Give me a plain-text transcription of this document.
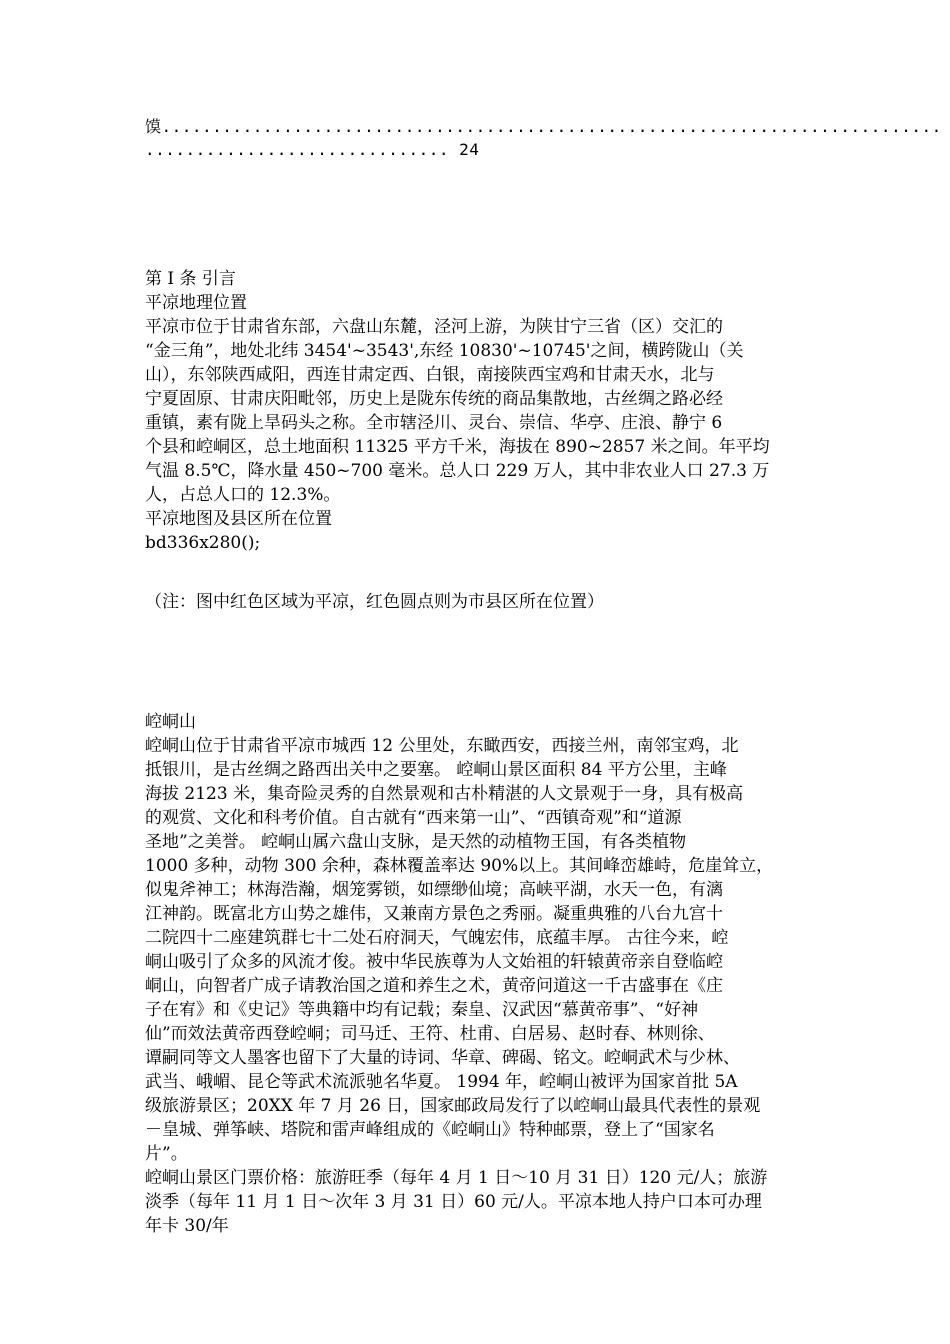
馍.............................................................................
.............................. 24
第 I 条 引言
平凉地理位置
平凉市位于甘肃省东部，六盘山东麓，泾河上游，为陕甘宁三省（区）交汇的
“金三角”，地处北纬 3454'~3543',东经 10830'~10745'之间，横跨陇山（关
山），东邻陕西咸阳，西连甘肃定西、白银，南接陕西宝鸡和甘肃天水，北与
宁夏固原、甘肃庆阳毗邻，历史上是陇东传统的商品集散地，古丝绸之路必经
重镇，素有陇上旱码头之称。全市辖泾川、灵台、崇信、华亭、庄浪、静宁 6
个县和崆峒区，总土地面积 11325 平方千米，海拔在 890~2857 米之间。年平均
气温 8.5℃，降水量 450~700 毫米。总人口 229 万人，其中非农业人口 27.3 万
人，占总人口的 12.3%。
平凉地图及县区所在位置
bd336x280();
（注：图中红色区域为平凉，红色圆点则为市县区所在位置）
崆峒山
崆峒山位于甘肃省平凉市城西 12 公里处，东瞰西安，西接兰州，南邻宝鸡，北
抵银川，是古丝绸之路西出关中之要塞。 崆峒山景区面积 84 平方公里，主峰
海拔 2123 米，集奇险灵秀的自然景观和古朴精湛的人文景观于一身，具有极高
的观赏、文化和科考价值。自古就有“西来第一山”、“西镇奇观”和“道源
圣地”之美誉。 崆峒山属六盘山支脉，是天然的动植物王国，有各类植物
1000 多种，动物 300 余种，森林覆盖率达 90%以上。其间峰峦雄峙，危崖耸立，
似鬼斧神工；林海浩瀚，烟笼雾锁，如缥缈仙境；高峡平湖，水天一色，有漓
江神韵。既富北方山势之雄伟，又兼南方景色之秀丽。凝重典雅的八台九宫十
二院四十二座建筑群七十二处石府洞天，气魄宏伟，底蕴丰厚。 古往今来，崆
峒山吸引了众多的风流才俊。被中华民族尊为人文始祖的轩辕黄帝亲自登临崆
峒山，向智者广成子请教治国之道和养生之术，黄帝问道这一千古盛事在《庄
子在宥》和《史记》等典籍中均有记载；秦皇、汉武因“慕黄帝事”、“好神
仙”而效法黄帝西登崆峒；司马迁、王符、杜甫、白居易、赵时春、林则徐、
谭嗣同等文人墨客也留下了大量的诗词、华章、碑碣、铭文。崆峒武术与少林、
武当、峨嵋、昆仑等武术流派驰名华夏。 1994 年，崆峒山被评为国家首批 5A
级旅游景区；20XX 年 7 月 26 日，国家邮政局发行了以崆峒山最具代表性的景观
－皇城、弹筝峡、塔院和雷声峰组成的《崆峒山》特种邮票，登上了“国家名
片”。
崆峒山景区门票价格：旅游旺季（每年 4 月 1 日～10 月 31 日）120 元/人；旅游
淡季（每年 11 月 1 日～次年 3 月 31 日）60 元/人。平凉本地人持户口本可办理
年卡 30/年
